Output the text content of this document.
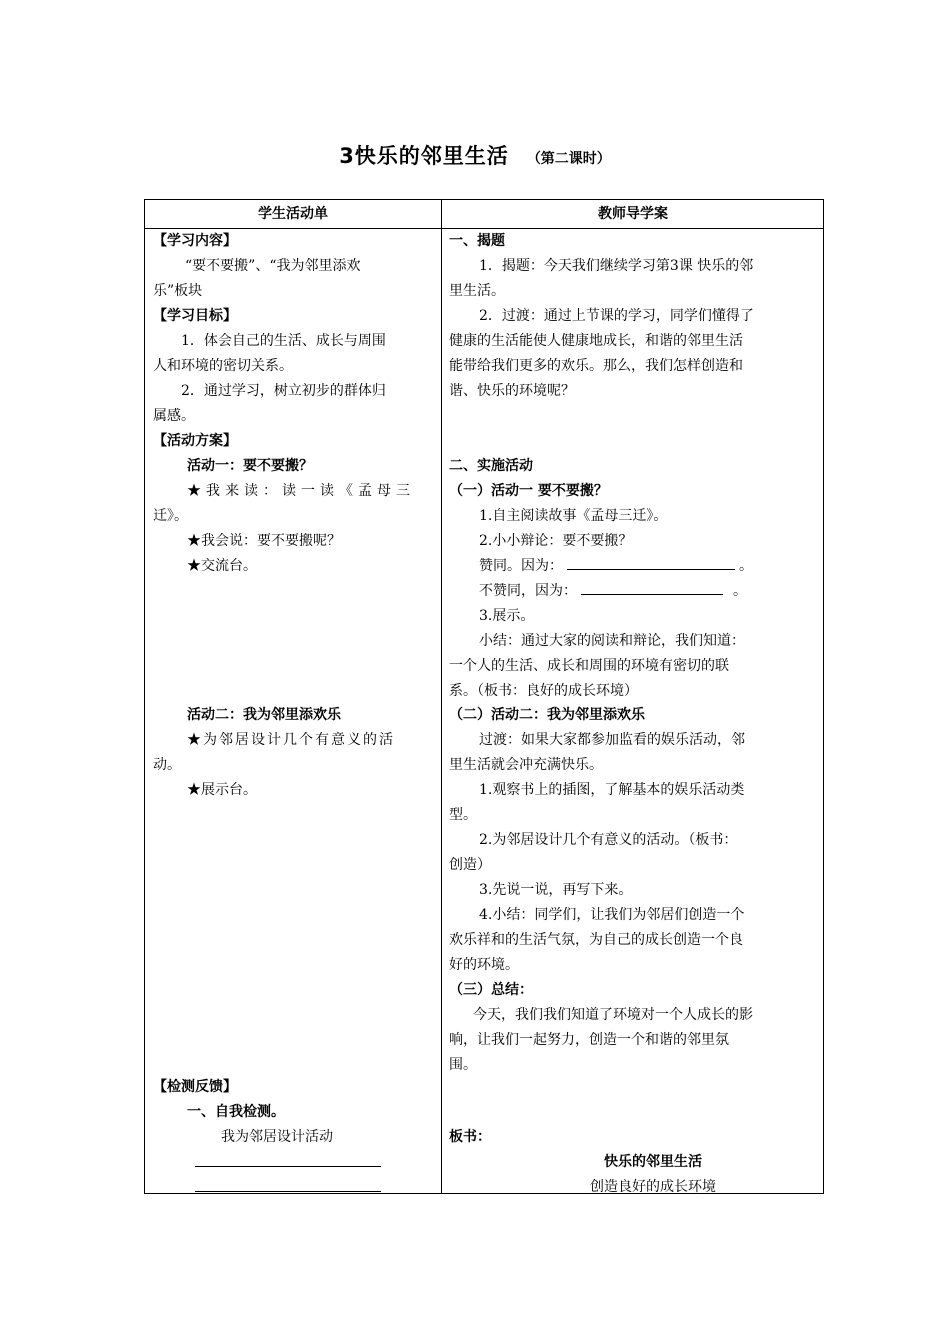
3快乐的邻里生活 （第二课时）
学生活动单	教师导学案
【学习内容】
“要不要搬”、“我为邻里添欢
乐”板块
【学习目标】
1．体会自己的生活、成长与周围
人和环境的密切关系。
2．通过学习，树立初步的群体归
属感。
【活动方案】
活动一：要不要搬？
★我来读：读一读《孟母三
迁》。
★我会说：要不要搬呢？
★交流台。
活动二：我为邻里添欢乐
★为邻居设计几个有意义的活
动。
★展示台。
【检测反馈】
一、自我检测。
我为邻居设计活动
一、揭题
1．揭题：今天我们继续学习第3课 快乐的邻
里生活。
2．过渡：通过上节课的学习，同学们懂得了
健康的生活能使人健康地成长，和谐的邻里生活
能带给我们更多的欢乐。那么，我们怎样创造和
谐、快乐的环境呢？
二、实施活动
（一）活动一 要不要搬？
1.自主阅读故事《孟母三迁》。
2.小小辩论：要不要搬？
赞同。因为：	。
不赞同，因为：	。
3.展示。
小结：通过大家的阅读和辩论，我们知道：
一个人的生活、成长和周围的环境有密切的联
系。（板书：良好的成长环境）
（二）活动二：我为邻里添欢乐
过渡：如果大家都参加监看的娱乐活动，邻
里生活就会冲充满快乐。
1.观察书上的插图，了解基本的娱乐活动类
型。
2.为邻居设计几个有意义的活动。（板书：
创造）
3.先说一说，再写下来。
4.小结：同学们，让我们为邻居们创造一个
欢乐祥和的生活气氛，为自己的成长创造一个良
好的环境。
（三）总结：
今天，我们我们知道了环境对一个人成长的影
响，让我们一起努力，创造一个和谐的邻里氛
围。
板书：
快乐的邻里生活
创造良好的成长环境
